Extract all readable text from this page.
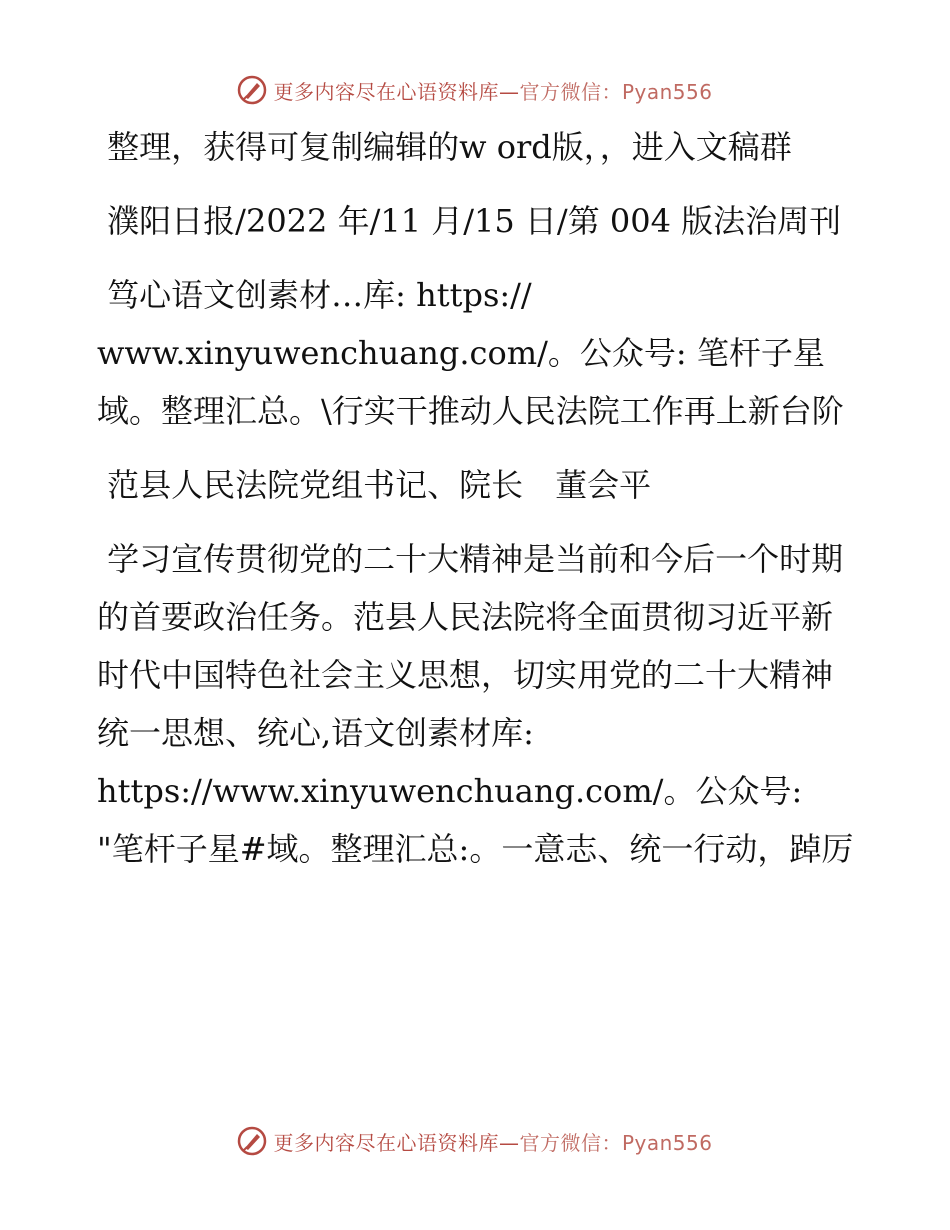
更多内容尽在心语资料库—官方微信：Pyan556

整理，获得可复制编辑的w ord版，，进入文稿群

濮阳日报/2022 年/11 月/15 日/第 004 版法治周刊

笃心语文创素材…库: https://
www.xinyuwenchuang.com/。公众号: 笔杆子星域。整理汇总。\行实干推动人民法院工作再上新台阶

范县人民法院党组书记、院长　董会平

学习宣传贯彻党的二十大精神是当前和今后一个时期的首要政治任务。范县人民法院将全面贯彻习近平新时代中国特色社会主义思想，切实用党的二十大精神统一思想、统心,语文创素材库:
https://www.xinyuwenchuang.com/。公众号: "笔杆子星#域。整理汇总:。一意志、统一行动，踔厉

更多内容尽在心语资料库—官方微信：Pyan556
